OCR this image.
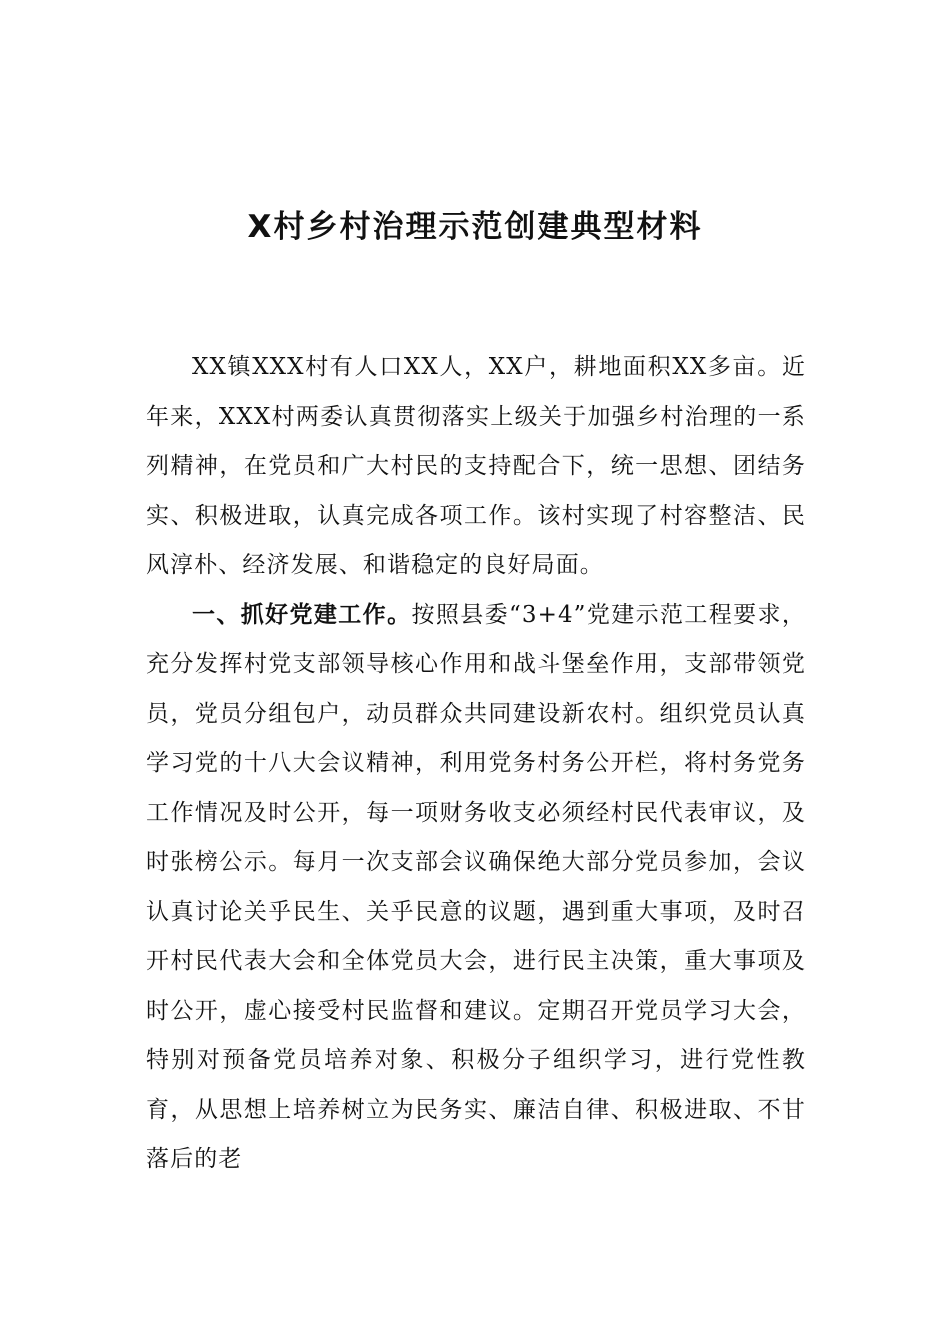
X村乡村治理示范创建典型材料

XX镇XXX村有人口XX人，XX户，耕地面积XX多亩。近年来，XXX村两委认真贯彻落实上级关于加强乡村治理的一系列精神，在党员和广大村民的支持配合下，统一思想、团结务实、积极进取，认真完成各项工作。该村实现了村容整洁、民风淳朴、经济发展、和谐稳定的良好局面。

一、抓好党建工作。按照县委“3+4”党建示范工程要求，充分发挥村党支部领导核心作用和战斗堡垒作用，支部带领党员，党员分组包户，动员群众共同建设新农村。组织党员认真学习党的十八大会议精神，利用党务村务公开栏，将村务党务工作情况及时公开，每一项财务收支必须经村民代表审议，及时张榜公示。每月一次支部会议确保绝大部分党员参加，会议认真讨论关乎民生、关乎民意的议题，遇到重大事项，及时召开村民代表大会和全体党员大会，进行民主决策，重大事项及时公开，虚心接受村民监督和建议。定期召开党员学习大会，特别对预备党员培养对象、积极分子组织学习，进行党性教育，从思想上培养树立为民务实、廉洁自律、积极进取、不甘落后的老
